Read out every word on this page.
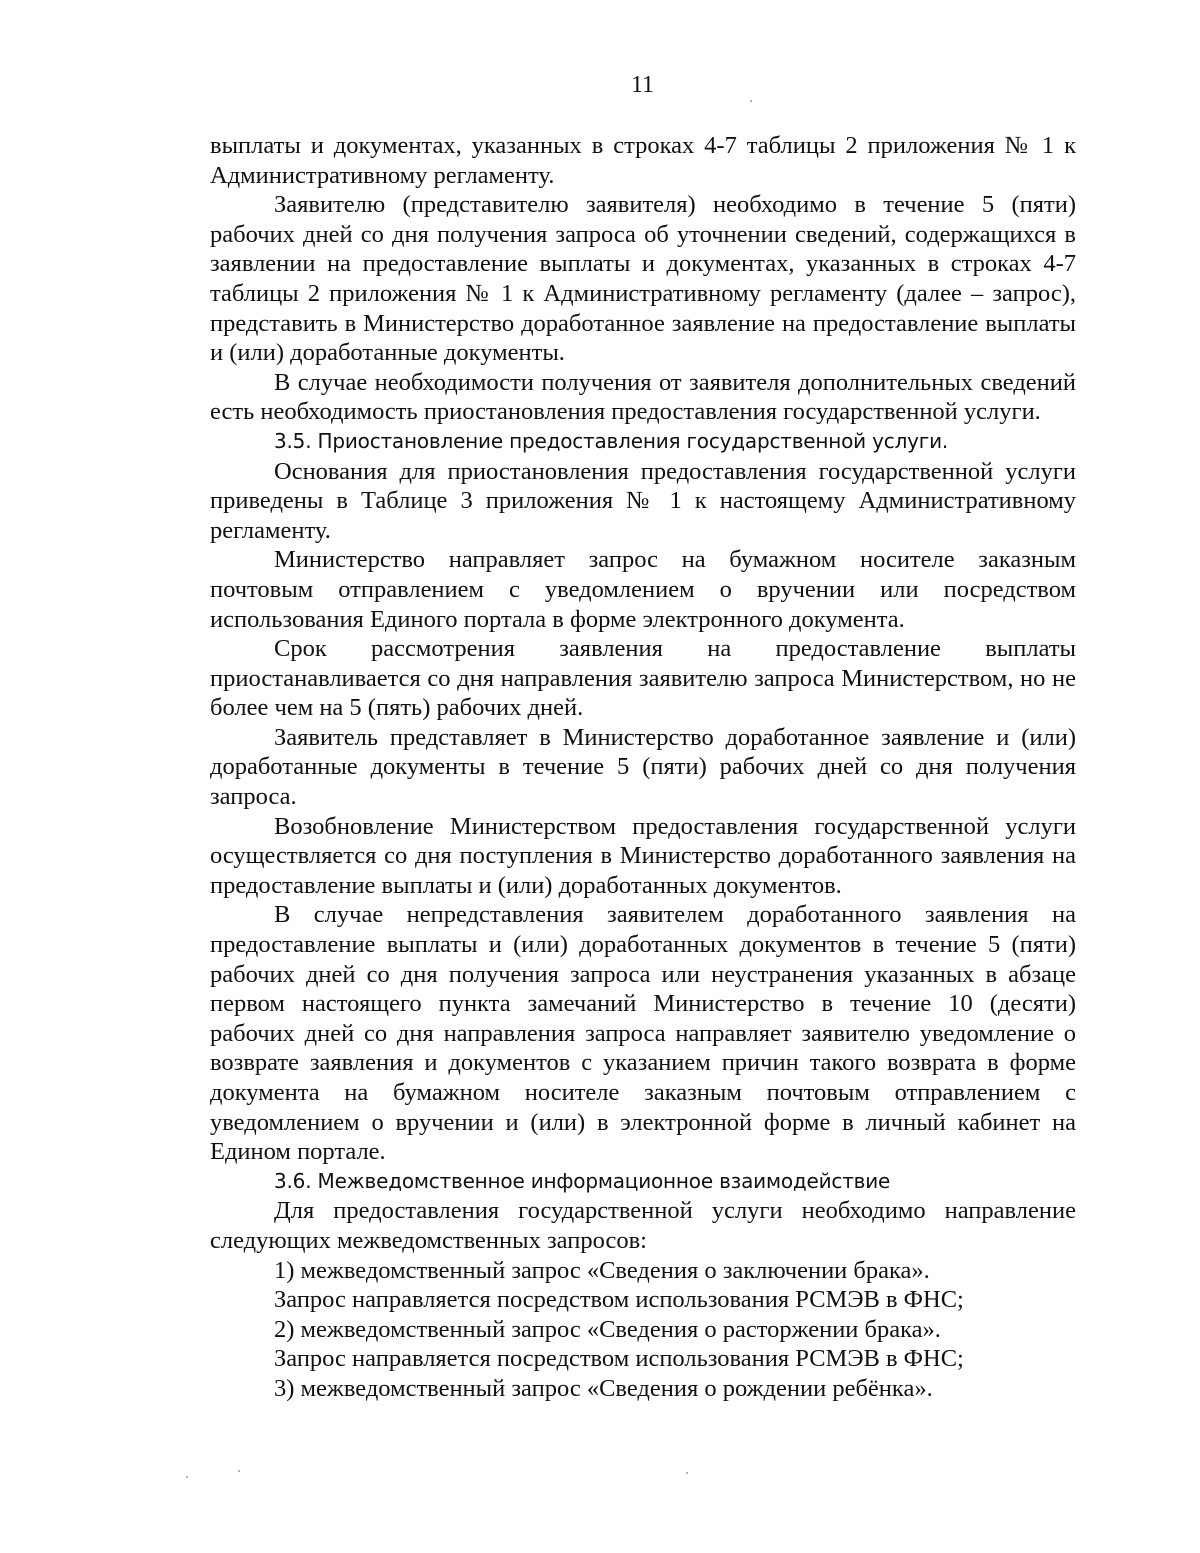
11

выплаты и документах, указанных в строках 4-7 таблицы 2 приложения № 1 к Административному регламенту.

Заявителю (представителю заявителя) необходимо в течение 5 (пяти) рабочих дней со дня получения запроса об уточнении сведений, содержащихся в заявлении на предоставление выплаты и документах, указанных в строках 4-7 таблицы 2 приложения № 1 к Административному регламенту (далее – запрос), представить в Министерство доработанное заявление на предоставление выплаты и (или) доработанные документы.

В случае необходимости получения от заявителя дополнительных сведений есть необходимость приостановления предоставления государственной услуги.

3.5. Приостановление предоставления государственной услуги.

Основания для приостановления предоставления государственной услуги приведены в Таблице 3 приложения № 1 к настоящему Административному регламенту.

Министерство направляет запрос на бумажном носителе заказным почтовым отправлением с уведомлением о вручении или посредством использования Единого портала в форме электронного документа.

Срок рассмотрения заявления на предоставление выплаты приостанавливается со дня направления заявителю запроса Министерством, но не более чем на 5 (пять) рабочих дней.

Заявитель представляет в Министерство доработанное заявление и (или) доработанные документы в течение 5 (пяти) рабочих дней со дня получения запроса.

Возобновление Министерством предоставления государственной услуги осуществляется со дня поступления в Министерство доработанного заявления на предоставление выплаты и (или) доработанных документов.

В случае непредставления заявителем доработанного заявления на предоставление выплаты и (или) доработанных документов в течение 5 (пяти) рабочих дней со дня получения запроса или неустранения указанных в абзаце первом настоящего пункта замечаний Министерство в течение 10 (десяти) рабочих дней со дня направления запроса направляет заявителю уведомление о возврате заявления и документов с указанием причин такого возврата в форме документа на бумажном носителе заказным почтовым отправлением с уведомлением о вручении и (или) в электронной форме в личный кабинет на Едином портале.

3.6. Межведомственное информационное взаимодействие

Для предоставления государственной услуги необходимо направление следующих межведомственных запросов:

1) межведомственный запрос «Сведения о заключении брака».

Запрос направляется посредством использования РСМЭВ в ФНС;

2) межведомственный запрос «Сведения о расторжении брака».

Запрос направляется посредством использования РСМЭВ в ФНС;

3) межведомственный запрос «Сведения о рождении ребёнка».
